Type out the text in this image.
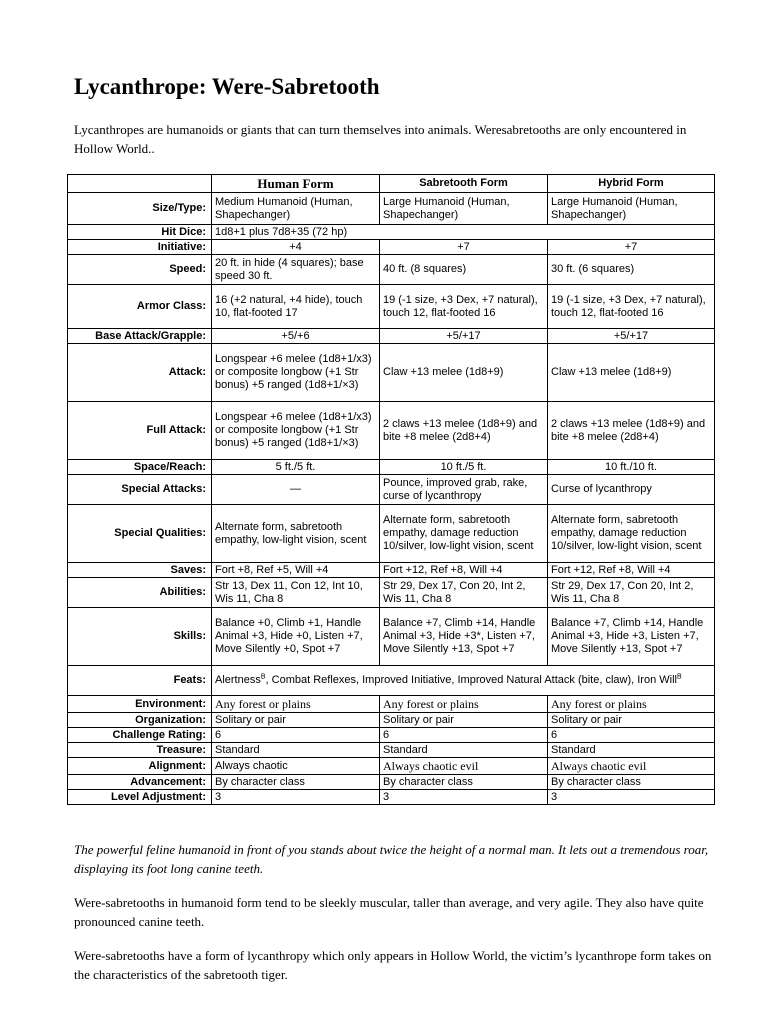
Lycanthrope: Were-Sabretooth

Lycanthropes are humanoids or giants that can turn themselves into animals. Weresabretooths are only encountered in Hollow World..

	Human Form	Sabretooth Form	Hybrid Form
Size/Type:	Medium Humanoid (Human, Shapechanger)	Large Humanoid (Human, Shapechanger)	Large Humanoid (Human, Shapechanger)
Hit Dice:	1d8+1 plus 7d8+35 (72 hp)		
Initiative:	+4	+7	+7
Speed:	20 ft. in hide (4 squares); base speed 30 ft.	40 ft. (8 squares)	30 ft. (6 squares)
Armor Class:	16 (+2 natural, +4 hide), touch 10, flat-footed 17	19 (-1 size, +3 Dex, +7 natural), touch 12, flat-footed 16	19 (-1 size, +3 Dex, +7 natural), touch 12, flat-footed 16
Base Attack/Grapple:	+5/+6	+5/+17	+5/+17
Attack:	Longspear +6 melee (1d8+1/x3) or composite longbow (+1 Str bonus) +5 ranged (1d8+1/×3)	Claw +13 melee (1d8+9)	Claw +13 melee (1d8+9)
Full Attack:	Longspear +6 melee (1d8+1/x3) or composite longbow (+1 Str bonus) +5 ranged (1d8+1/×3)	2 claws +13 melee (1d8+9) and bite +8 melee (2d8+4)	2 claws +13 melee (1d8+9) and bite +8 melee (2d8+4)
Space/Reach:	5 ft./5 ft.	10 ft./5 ft.	10 ft./10 ft.
Special Attacks:	—	Pounce, improved grab, rake, curse of lycanthropy	Curse of lycanthropy
Special Qualities:	Alternate form, sabretooth empathy, low-light vision, scent	Alternate form, sabretooth empathy, damage reduction 10/silver, low-light vision, scent	Alternate form, sabretooth empathy, damage reduction 10/silver, low-light vision, scent
Saves:	Fort +8, Ref +5, Will +4	Fort +12, Ref +8, Will +4	Fort +12, Ref +8, Will +4
Abilities:	Str 13, Dex 11, Con 12, Int 10, Wis 11, Cha 8	Str 29, Dex 17, Con 20, Int 2, Wis 11, Cha 8	Str 29, Dex 17, Con 20, Int 2, Wis 11, Cha 8
Skills:	Balance +0, Climb +1, Handle Animal +3, Hide +0, Listen +7, Move Silently +0, Spot +7	Balance +7, Climb +14, Handle Animal +3, Hide +3*, Listen +7, Move Silently +13, Spot +7	Balance +7, Climb +14, Handle Animal +3, Hide +3, Listen +7, Move Silently +13, Spot +7
Feats:	Alertness$^B$, Combat Reflexes, Improved Initiative, Improved Natural Attack (bite, claw), Iron Will$^B$
Environment:	Any forest or plains	Any forest or plains	Any forest or plains
Organization:	Solitary or pair	Solitary or pair	Solitary or pair
Challenge Rating:	6	6	6
Treasure:	Standard	Standard	Standard
Alignment:	Always chaotic	Always chaotic evil	Always chaotic evil
Advancement:	By character class	By character class	By character class
Level Adjustment:	3	3	3

The powerful feline humanoid in front of you stands about twice the height of a normal man. It lets out a tremendous roar, displaying its foot long canine teeth.

Were-sabretooths in humanoid form tend to be sleekly muscular, taller than average, and very agile. They also have quite pronounced canine teeth.

Were-sabretooths have a form of lycanthropy which only appears in Hollow World, the victim’s lycanthrope form takes on the characteristics of the sabretooth tiger.
